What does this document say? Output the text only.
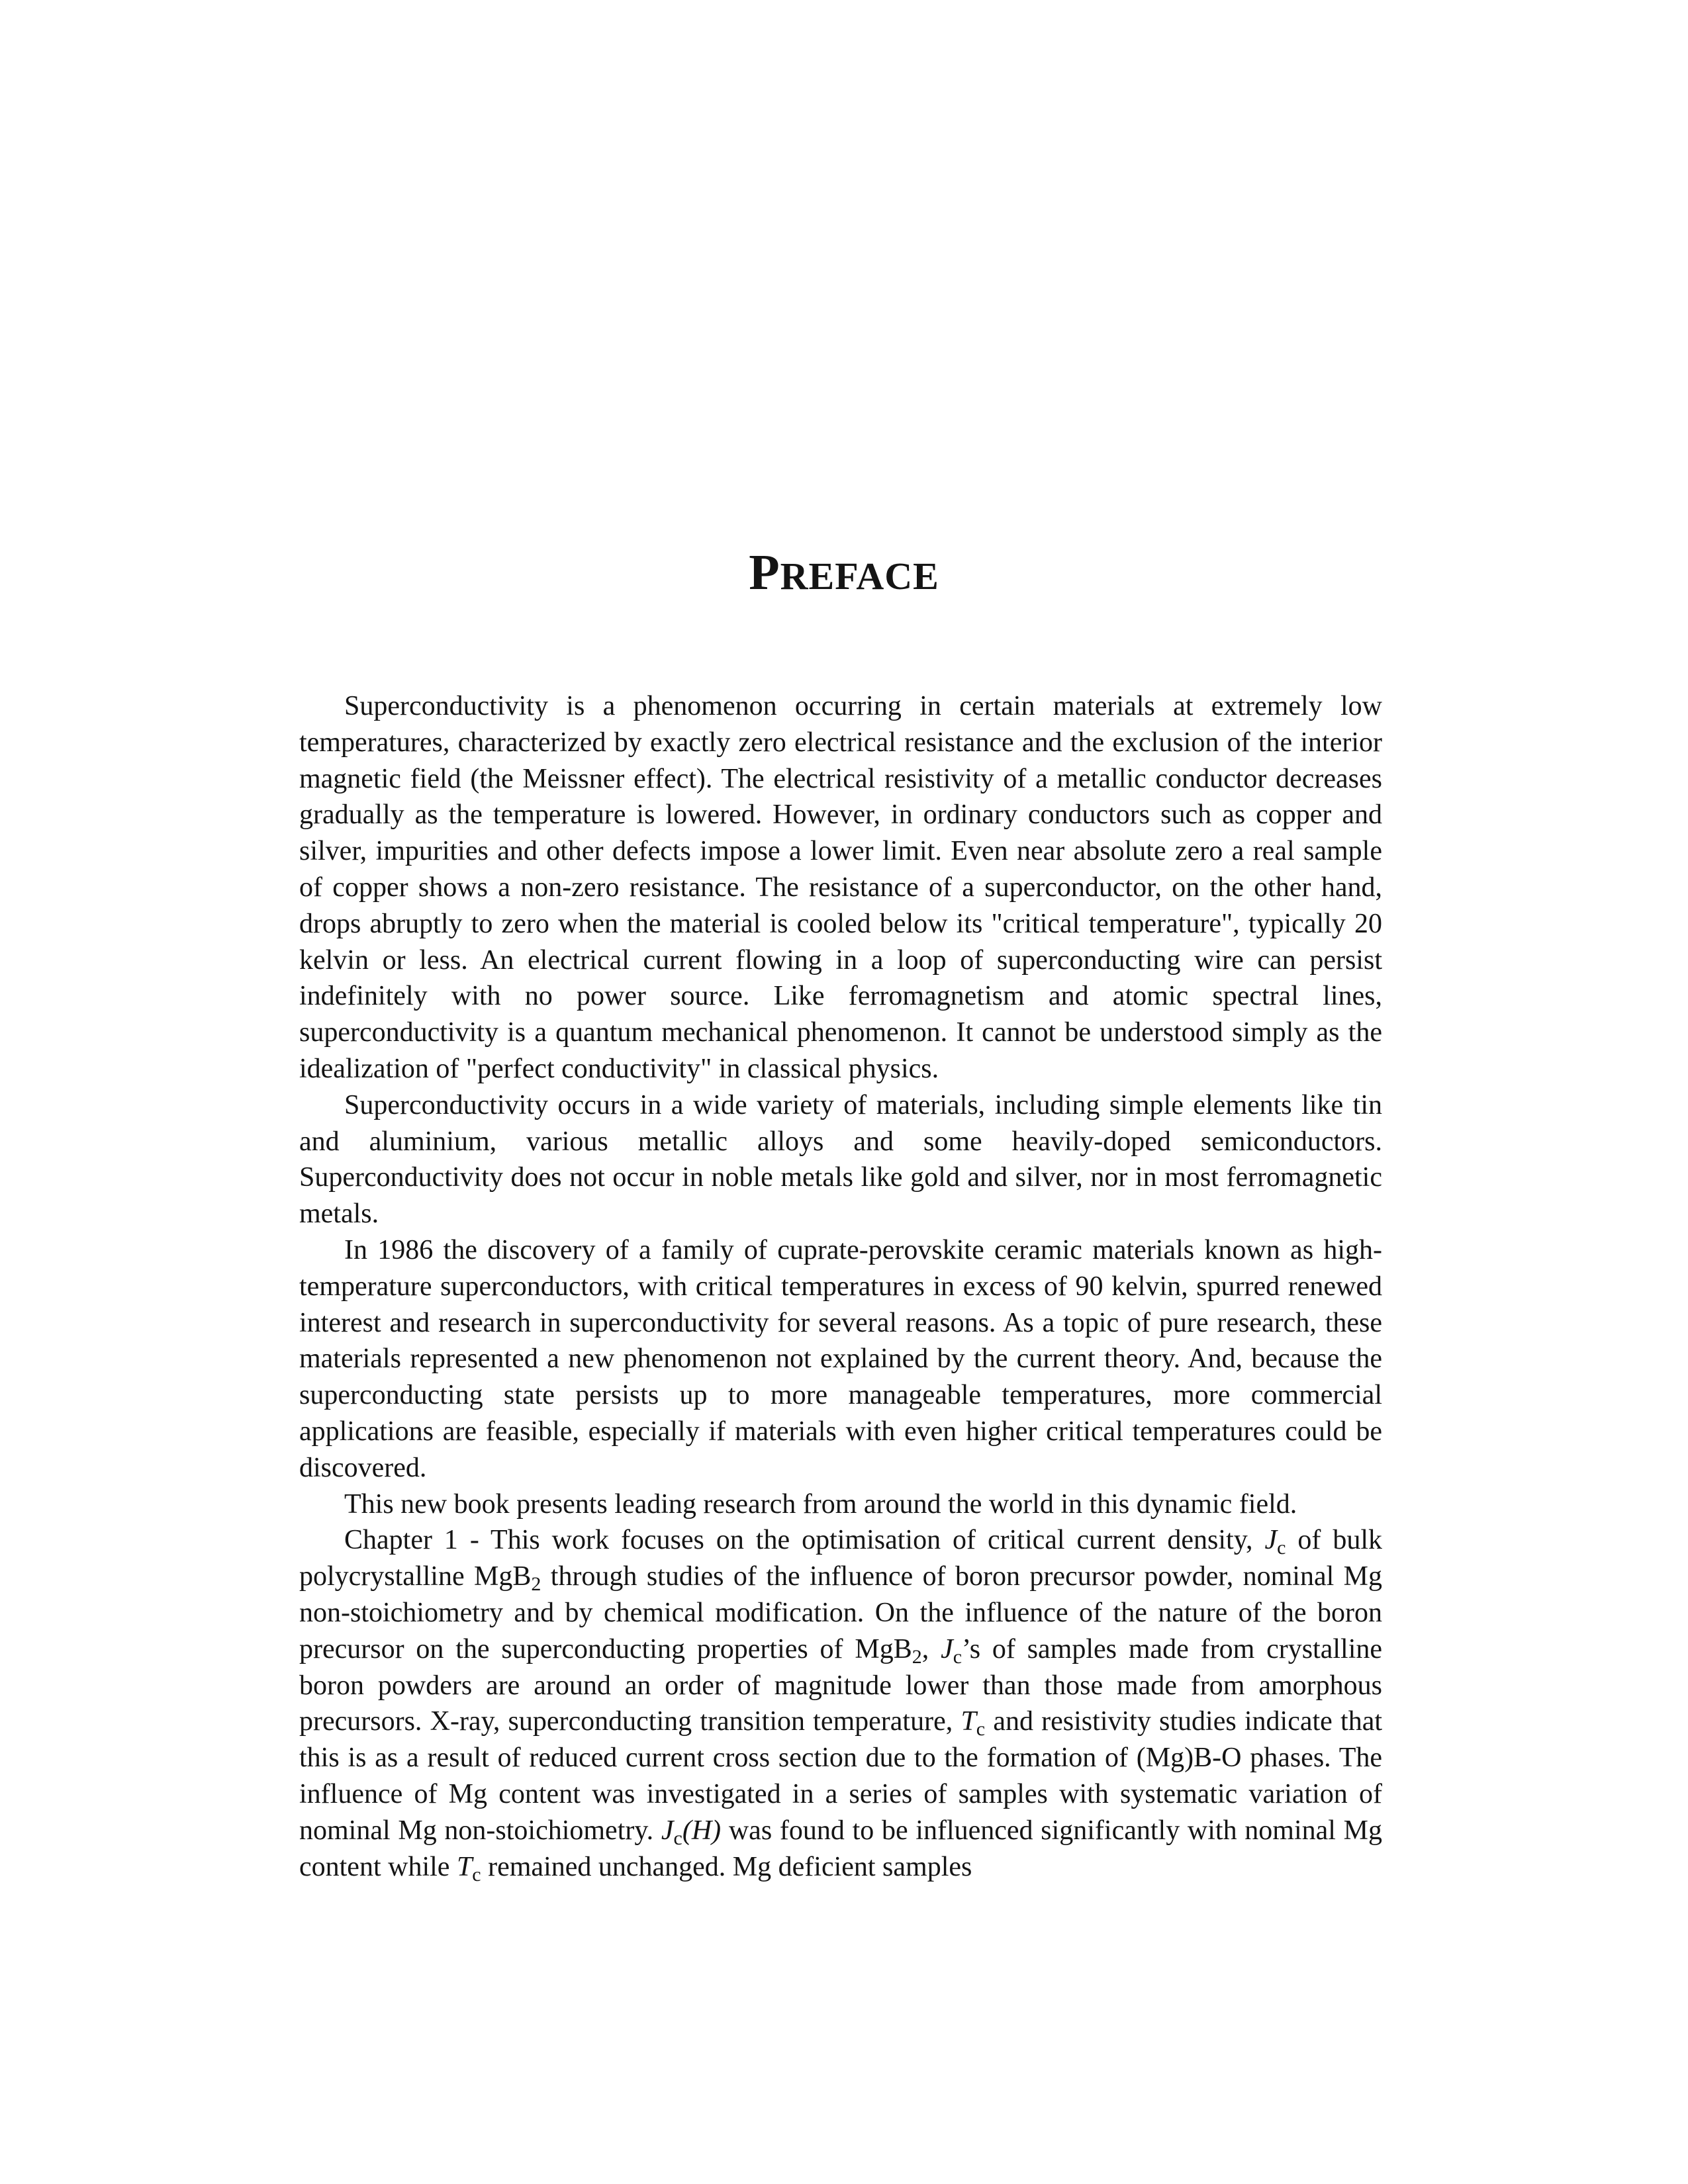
PREFACE

Superconductivity is a phenomenon occurring in certain materials at extremely low temperatures, characterized by exactly zero electrical resistance and the exclusion of the interior magnetic field (the Meissner effect). The electrical resistivity of a metallic conductor decreases gradually as the temperature is lowered. However, in ordinary conductors such as copper and silver, impurities and other defects impose a lower limit. Even near absolute zero a real sample of copper shows a non-zero resistance. The resistance of a superconductor, on the other hand, drops abruptly to zero when the material is cooled below its "critical temperature", typically 20 kelvin or less. An electrical current flowing in a loop of superconducting wire can persist indefinitely with no power source. Like ferromagnetism and atomic spectral lines, superconductivity is a quantum mechanical phenomenon. It cannot be understood simply as the idealization of "perfect conductivity" in classical physics.

Superconductivity occurs in a wide variety of materials, including simple elements like tin and aluminium, various metallic alloys and some heavily-doped semiconductors. Superconductivity does not occur in noble metals like gold and silver, nor in most ferromagnetic metals.

In 1986 the discovery of a family of cuprate-perovskite ceramic materials known as high-temperature superconductors, with critical temperatures in excess of 90 kelvin, spurred renewed interest and research in superconductivity for several reasons. As a topic of pure research, these materials represented a new phenomenon not explained by the current theory. And, because the superconducting state persists up to more manageable temperatures, more commercial applications are feasible, especially if materials with even higher critical temperatures could be discovered.

This new book presents leading research from around the world in this dynamic field.

Chapter 1 - This work focuses on the optimisation of critical current density, $J_c$ of bulk polycrystalline MgB$_2$ through studies of the influence of boron precursor powder, nominal Mg non-stoichiometry and by chemical modification. On the influence of the nature of the boron precursor on the superconducting properties of MgB$_2$, $J_c’s$ of samples made from crystalline boron powders are around an order of magnitude lower than those made from amorphous precursors. X-ray, superconducting transition temperature, $T_c$ and resistivity studies indicate that this is as a result of reduced current cross section due to the formation of (Mg)B-O phases. The influence of Mg content was investigated in a series of samples with systematic variation of nominal Mg non-stoichiometry. $J_c(H)$ was found to be influenced significantly with nominal Mg content while $T_c$ remained unchanged. Mg deficient samples
